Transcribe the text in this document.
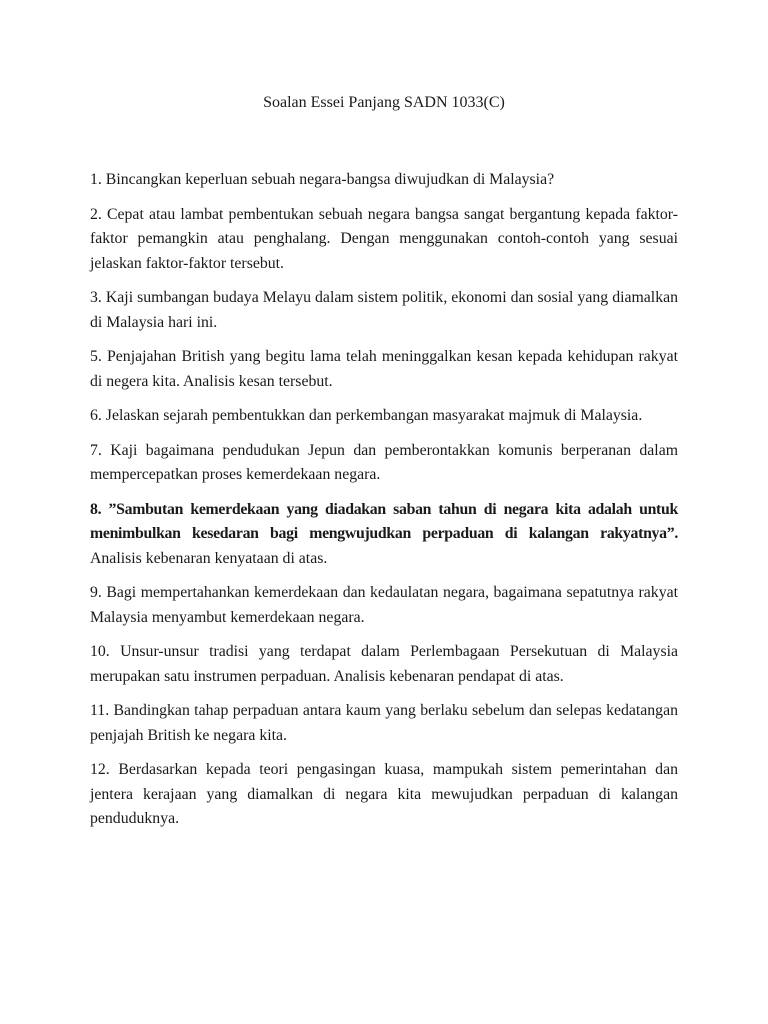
Soalan Essei Panjang SADN 1033(C)

1. Bincangkan keperluan sebuah negara-bangsa diwujudkan di Malaysia?

2. Cepat atau lambat pembentukan sebuah negara bangsa sangat bergantung kepada faktor-faktor pemangkin atau penghalang. Dengan menggunakan contoh-contoh yang sesuai jelaskan faktor-faktor tersebut.

3. Kaji sumbangan budaya Melayu dalam sistem politik, ekonomi dan sosial yang diamalkan di Malaysia hari ini.

5. Penjajahan British yang begitu lama telah meninggalkan kesan kepada kehidupan rakyat di negera kita. Analisis kesan tersebut.

6. Jelaskan sejarah pembentukkan dan perkembangan masyarakat majmuk di Malaysia.

7. Kaji bagaimana pendudukan Jepun dan pemberontakkan komunis berperanan dalam mempercepatkan proses kemerdekaan negara.

8. ”Sambutan kemerdekaan yang diadakan saban tahun di negara kita adalah untuk menimbulkan kesedaran bagi mengwujudkan perpaduan di kalangan rakyatnya”. Analisis kebenaran kenyataan di atas.

9. Bagi mempertahankan kemerdekaan dan kedaulatan negara, bagaimana sepatutnya rakyat Malaysia menyambut kemerdekaan negara.

10. Unsur-unsur tradisi yang terdapat dalam Perlembagaan Persekutuan di Malaysia merupakan satu instrumen perpaduan. Analisis kebenaran pendapat di atas.

11. Bandingkan tahap perpaduan antara kaum yang berlaku sebelum dan selepas kedatangan penjajah British ke negara kita.

12. Berdasarkan kepada teori pengasingan kuasa, mampukah sistem pemerintahan dan jentera kerajaan yang diamalkan di negara kita mewujudkan perpaduan di kalangan penduduknya.
